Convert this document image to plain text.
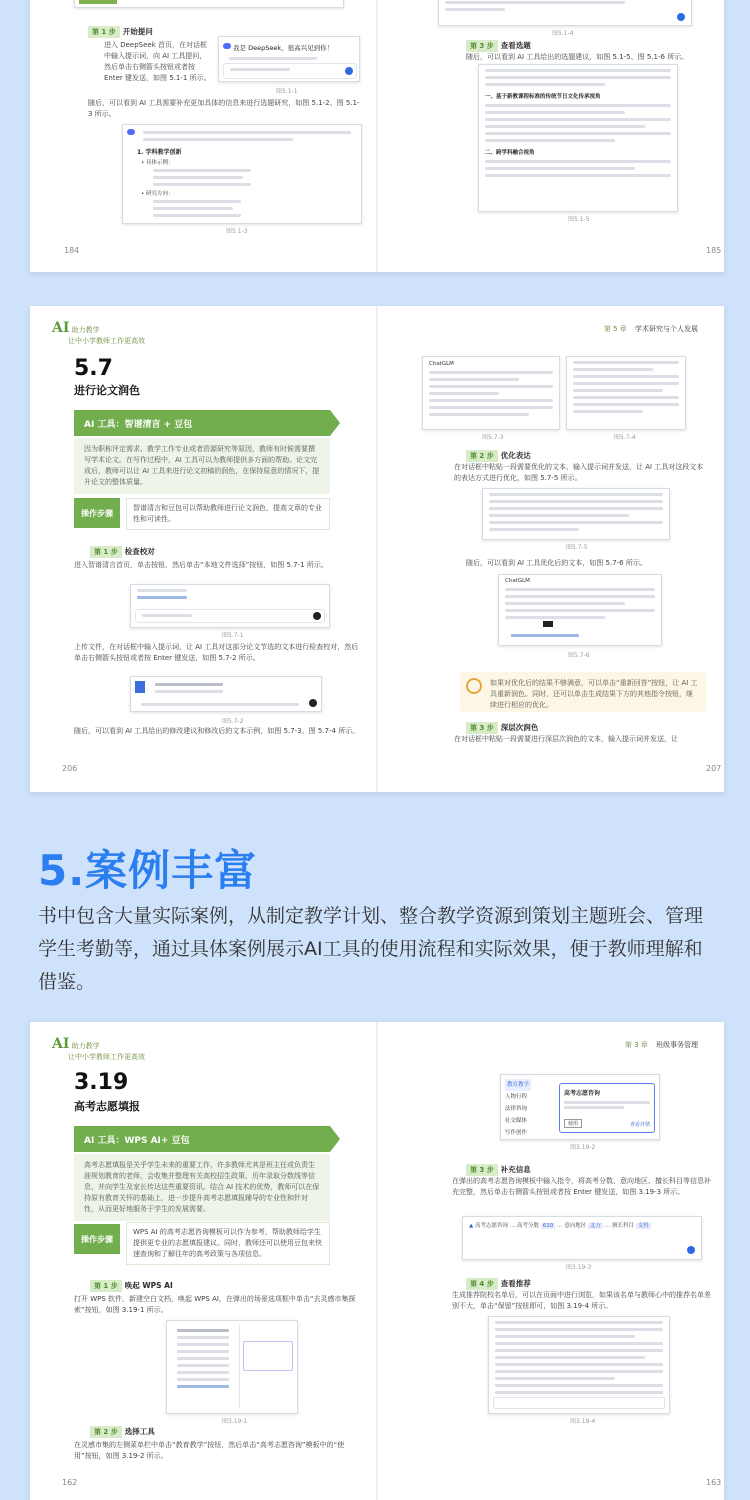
第 1 步 开始提问
进入 DeepSeek 首页，在对话框中输入提示词，向 AI 工具提问，然后单击右侧箭头按钮或者按 Enter 键发送，如图 5.1-1 所示。
我是 DeepSeek，很高兴见到你！
图5.1-1
随后，可以看到 AI 工具需要补充更加具体的信息来进行选题研究，如图 5.1-2、图 5.1-3 所示。
1. 学科教学创新
• 具体示例：
• 研究方向：
图5.1-3
184
图5.1-4
第 3 步 查看选题
随后，可以看到 AI 工具给出的选题建议，如图 5.1-5、图 5.1-6 所示。
一、基于新教课程标准的传统节日文化传承视角
二、跨学科融合视角
图5.1-5
185
AI 助力教学
让中小学教师工作更高效
5.7
进行论文润色
AI 工具：智谱清言 + 豆包
因为职称评定需求、教学工作专业或者资源研究等原因，教师有时候需要撰写学术论文。在写作过程中，AI 工具可以为教师提供多方面的帮助。论文完成后，教师可以让 AI 工具来进行论文初稿的润色，在保持原意的情况下，提升论文的整体质量。
操作步骤
智谱清言和豆包可以帮助教师进行论文润色，提高文章的专业性和可读性。
第 1 步 检查校对
进入智谱清言首页，单击按钮，然后单击“本地文件选择”按钮，如图 5.7-1 所示。
图5.7-1
上传文件，在对话框中输入提示词，让 AI 工具对这部分论文节选的文本进行检查校对，然后单击右侧箭头按钮或者按 Enter 键发送，如图 5.7-2 所示。
图5.7-2
随后，可以看到 AI 工具给出的修改建议和修改后的文本示例，如图 5.7-3、图 5.7-4 所示。
206
第 5 章 学术研究与个人发展
ChatGLM
图5.7-3	图5.7-4
第 2 步 优化表达
在对话框中粘贴一段需要优化的文本，输入提示词并发送，让 AI 工具对这段文本的表达方式进行优化，如图 5.7-5 所示。
图5.7-5
随后，可以看到 AI 工具优化后的文本，如图 5.7-6 所示。
ChatGLM
图5.7-6
如果对优化后的结果不够满意，可以单击“重新回答”按钮，让 AI 工具重新润色。同时，还可以单击生成结果下方的其他指令按钮，继续进行相应的优化。
第 3 步 深层次润色
在对话框中粘贴一段需要进行深层次润色的文本，输入提示词并发送，让
207
5.案例丰富
书中包含大量实际案例，从制定教学计划、整合教学资源到策划主题班会、管理学生考勤等，通过具体案例展示AI工具的使用流程和实际效果，便于教师理解和借鉴。
AI 助力教学
让中小学教师工作更高效
3.19
高考志愿填报
AI 工具：WPS AI+ 豆包
高考志愿填报是关乎学生未来的重要工作，许多教师尤其是班主任或负责生涯规划教育的老师，会收集并整理有关高校招生政策、历年录取分数线等信息，并向学生及家长传达这些重要资讯。结合 AI 技术的优势，教师可以在保持原有教育关怀的基础上，进一步提升高考志愿填报辅导的专业性和针对性，从而更好地服务于学生的发展需要。
操作步骤
WPS AI 的高考志愿咨询模板可以作为参考，帮助教师给学生提供更专业的志愿填报建议。同时，教师还可以使用豆包来快速查询和了解往年的高考政策与各项信息。
第 1 步 唤起 WPS AI
打开 WPS 软件，新建空白文档，唤起 WPS AI，在弹出的场景选项框中单击“去灵感市集探索”按钮，如图 3.19-1 所示。
图3.19-1
第 2 步 选择工具
在灵感市集的左侧菜单栏中单击“教育教学”按钮，然后单击“高考志愿咨询”模板中的“使用”按钮，如图 3.19-2 所示。
162
第 3 章 班级事务管理
教育教学
人物行程
法律咨询
社交媒体
写作创作
高考志愿咨询
使用	查看详情
图3.19-2
第 3 步 补充信息
在弹出的高考志愿咨询模板中输入指令，将高考分数、意向地区、擅长科目等信息补充完整，然后单击右侧箭头按钮或者按 Enter 键发送，如图 3.19-3 所示。
▲ 高考志愿咨询 … 高考分数 610 … 意向地区 北方 … 擅长科目 文科
图3.19-3
第 4 步 查看推荐
生成推荐院校名单后，可以在页面中进行浏览，如果该名单与教师心中的推荐名单差别不大，单击“保留”按钮即可，如图 3.19-4 所示。
图3.19-4
163
